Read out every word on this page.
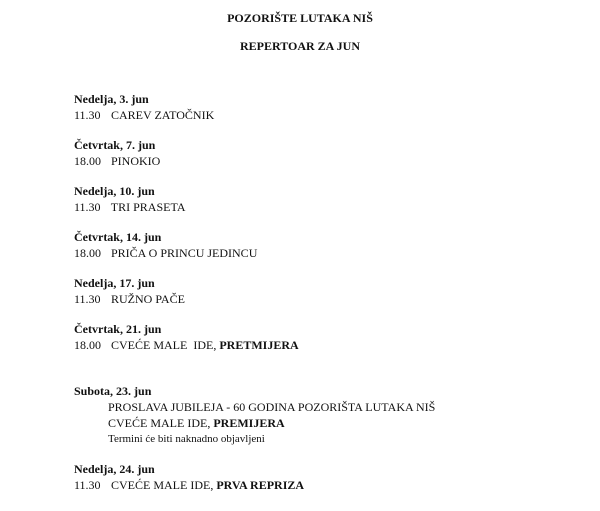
POZORIŠTE LUTAKA NIŠ
REPERTOAR ZA JUN
Nedelja, 3. jun
11.30 CAREV ZATOČNIK
Četvrtak, 7. jun
18.00 PINOKIO
Nedelja, 10. jun
11.30 TRI PRASETA
Četvrtak, 14. jun
18.00 PRIČA O PRINCU JEDINCU
Nedelja, 17. jun
11.30 RUŽNO PAČE
Četvrtak, 21. jun
18.00 CVEĆE MALE  IDE, PRETMIJERA
Subota, 23. jun
PROSLAVA JUBILEJA - 60 GODINA POZORIŠTA LUTAKA NIŠ
CVEĆE MALE IDE, PREMIJERA
Termini će biti naknadno objavljeni
Nedelja, 24. jun
11.30 CVEĆE MALE IDE, PRVA REPRIZA
